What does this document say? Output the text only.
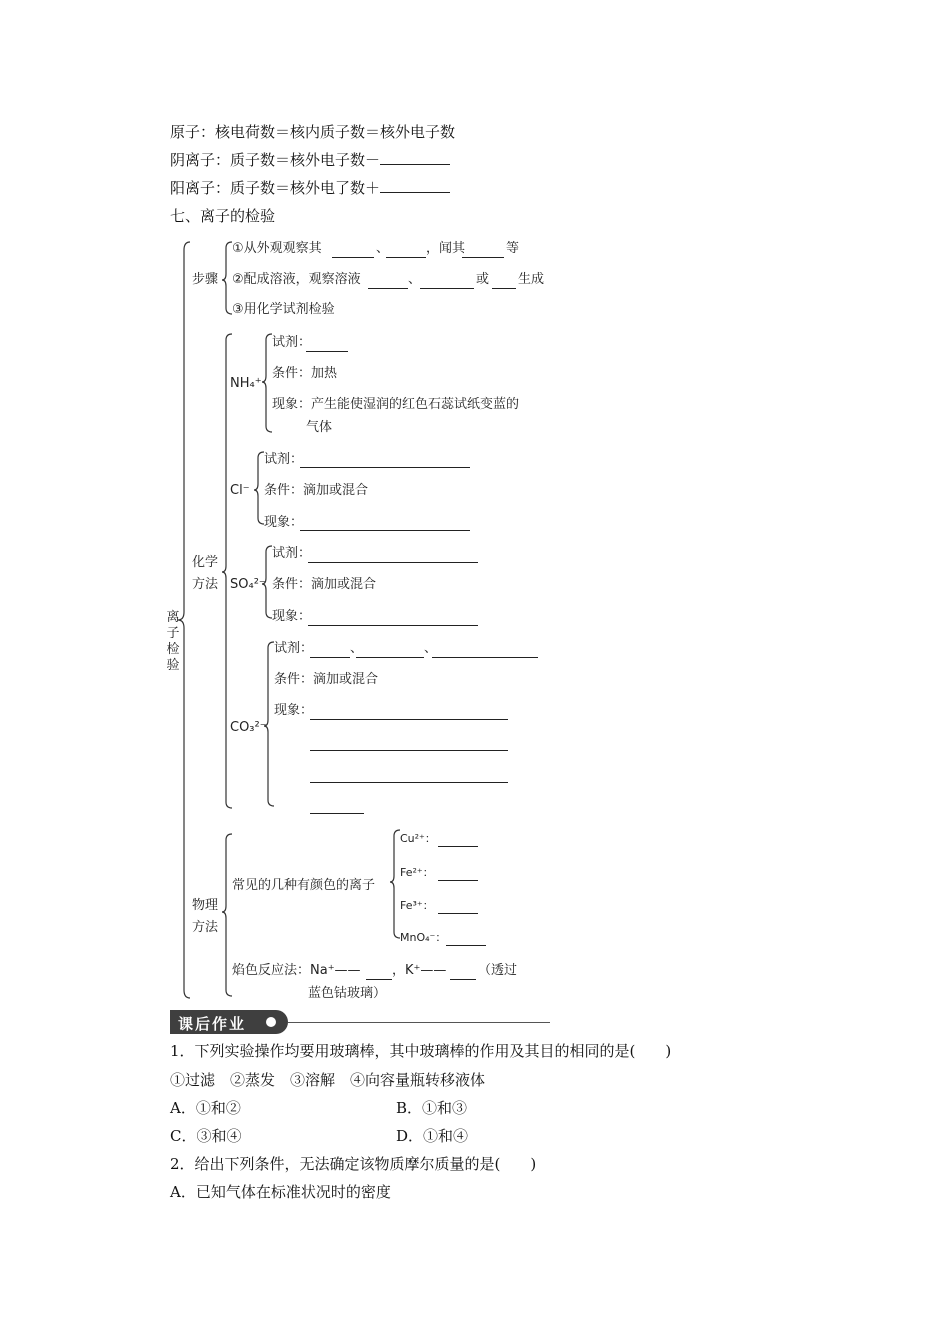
原子：核电荷数＝核内质子数＝核外电子数
阴离子：质子数＝核外电子数－
阳离子：质子数＝核外电了数＋
七、离子的检验
离子检验
步骤
①从外观观察其	、	，闻其	等
②配成溶液，观察溶液	、	或 生成
③用化学试剂检验
化学
方法
NH₄⁺
试剂：
条件：加热
现象：产生能使湿润的红色石蕊试纸变蓝的
气体
Cl⁻
试剂：
条件：滴加或混合
现象：
SO₄²⁻
试剂：
条件：滴加或混合
现象：
CO₃²⁻
试剂：	、	、
条件：滴加或混合
现象：
物理
方法
常见的几种有颜色的离子
Cu²⁺：
Fe²⁺：
Fe³⁺：
MnO₄⁻：
焰色反应法：Na⁺—— ，K⁺—— （透过
蓝色钴玻璃）
课后作业
1．下列实验操作均要用玻璃棒，其中玻璃棒的作用及其目的相同的是(　　)
①过滤　②蒸发　③溶解　④向容量瓶转移液体
A．①和②	B．①和③
C．③和④	D．①和④
2．给出下列条件，无法确定该物质摩尔质量的是(　　)
A．已知气体在标准状况时的密度
